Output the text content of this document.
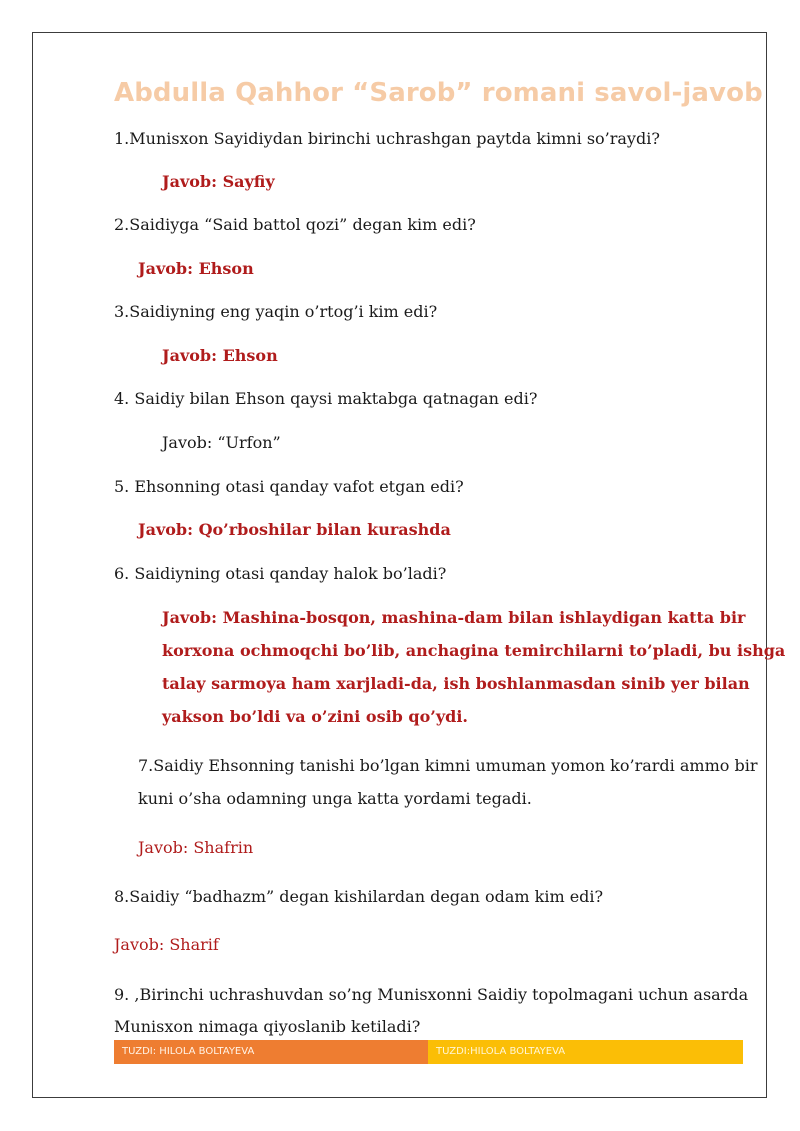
Abdulla Qahhor “Sarob” romani savol-javob

1.Munisxon Sayidiydan birinchi uchrashgan paytda kimni so’raydi?

Javob: Sayfiy

2.Saidiyga “Said battol qozi” degan kim edi?

Javob: Ehson

3.Saidiyning eng yaqin o’rtog’i kim edi?

Javob: Ehson

4. Saidiy bilan Ehson qaysi maktabga qatnagan edi?

Javob: “Urfon”

5. Ehsonning otasi qanday vafot etgan edi?

Javob: Qo’rboshilar bilan kurashda

6. Saidiyning otasi qanday halok bo’ladi?

Javob: Mashina-bosqon, mashina-dam bilan ishlaydigan katta bir

korxona ochmoqchi bo’lib, anchagina temirchilarni to’pladi, bu ishga

talay sarmoya ham xarjladi-da, ish boshlanmasdan sinib yer bilan

yakson bo’ldi va o’zini osib qo’ydi.

7.Saidiy Ehsonning tanishi bo’lgan kimni umuman yomon ko’rardi ammo bir

kuni o’sha odamning unga katta yordami tegadi.

Javob: Shafrin

8.Saidiy “badhazm” degan kishilardan degan odam kim edi?

Javob: Sharif

9. ,Birinchi uchrashuvdan so’ng Munisxonni Saidiy topolmagani uchun asarda

Munisxon nimaga qiyoslanib ketiladi?

TUZDI: HILOLA BOLTAYEVA	TUZDI:HILOLA BOLTAYEVA
